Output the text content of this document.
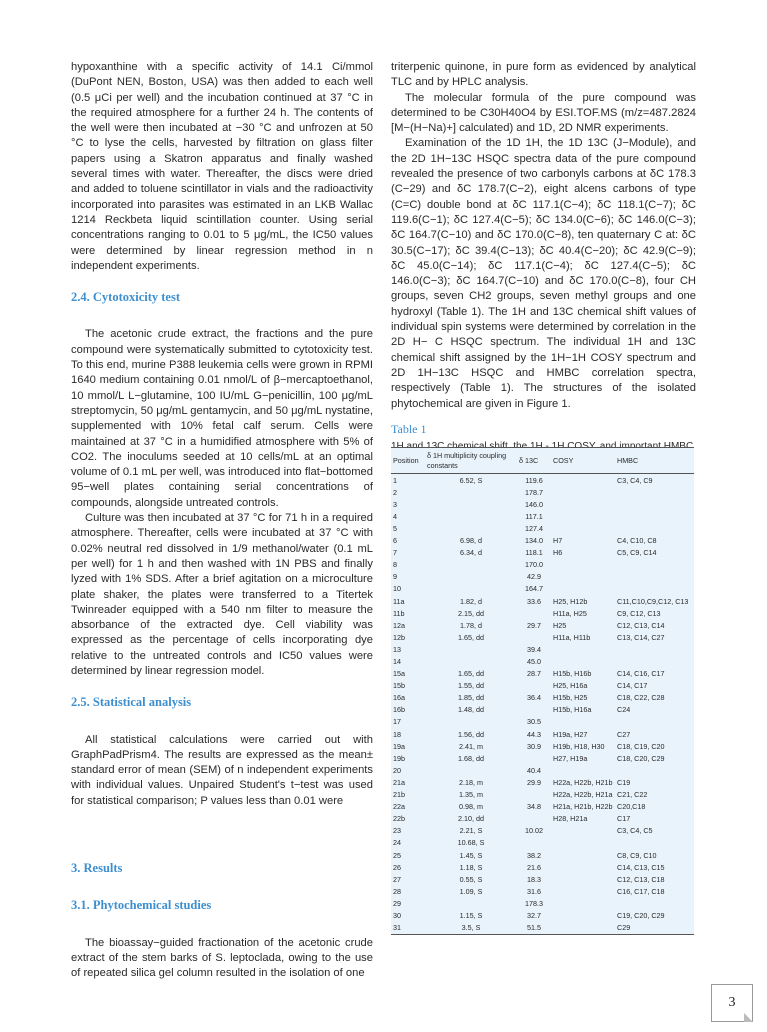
hypoxanthine with a specific activity of 14.1 Ci/mmol (DuPont NEN, Boston, USA) was then added to each well (0.5 μCi per well) and the incubation continued at 37 °C in the required atmosphere for a further 24 h. The contents of the well were then incubated at −30 °C and unfrozen at 50 °C to lyse the cells, harvested by filtration on glass filter papers using a Skatron apparatus and finally washed several times with water. Thereafter, the discs were dried and added to toluene scintillator in vials and the radioactivity incorporated into parasites was estimated in an LKB Wallac 1214 Reckbeta liquid scintillation counter. Using serial concentrations ranging to 0.01 to 5 μg/mL, the IC50 values were determined by linear regression method in n independent experiments.

2.4. Cytotoxicity test

The acetonic crude extract, the fractions and the pure compound were systematically submitted to cytotoxicity test. To this end, murine P388 leukemia cells were grown in RPMI 1640 medium containing 0.01 nmol/L of β−mercaptoethanol, 10 mmol/L L−glutamine, 100 IU/mL G−penicillin, 100 μg/mL streptomycin, 50 μg/mL gentamycin, and 50 μg/mL nystatine, supplemented with 10% fetal calf serum. Cells were maintained at 37 °C in a humidified atmosphere with 5% of CO2. The inoculums seeded at 10 cells/mL at an optimal volume of 0.1 mL per well, was introduced into flat−bottomed 95−well plates containing serial concentrations of compounds, alongside untreated controls.

Culture was then incubated at 37 °C for 71 h in a required atmosphere. Thereafter, cells were incubated at 37 °C with 0.02% neutral red dissolved in 1/9 methanol/water (0.1 mL per well) for 1 h and then washed with 1N PBS and finally lyzed with 1% SDS. After a brief agitation on a microculture plate shaker, the plates were transferred to a Titertek Twinreader equipped with a 540 nm filter to measure the absorbance of the extracted dye. Cell viability was expressed as the percentage of cells incorporating dye relative to the untreated controls and IC50 values were determined by linear regression model.

2.5. Statistical analysis

All statistical calculations were carried out with GraphPadPrism4. The results are expressed as the mean± standard error of mean (SEM) of n independent experiments with individual values. Unpaired Student's t−test was used for statistical comparison; P values less than 0.01 were

3. Results
3.1. Phytochemical studies

The bioassay−guided fractionation of the acetonic crude extract of the stem barks of S. leptoclada, owing to the use of repeated silica gel column resulted in the isolation of one

triterpenic quinone, in pure form as evidenced by analytical TLC and by HPLC analysis.

The molecular formula of the pure compound was determined to be C30H40O4 by ESI.TOF.MS (m/z=487.2824 [M−(H−Na)+] calculated) and 1D, 2D NMR experiments.

Examination of the 1D 1H, the 1D 13C (J−Module), and the 2D 1H−13C HSQC spectra data of the pure compound revealed the presence of two carbonyls carbons at δC 178.3 (C−29) and δC 178.7(C−2), eight alcens carbons of type (C=C) double bond at δC 117.1(C−4); δC 118.1(C−7); δC 119.6(C−1); δC 127.4(C−5); δC 134.0(C−6); δC 146.0(C−3); δC 164.7(C−10) and δC 170.0(C−8), ten quaternary C at: δC 30.5(C−17); δC 39.4(C−13); δC 40.4(C−20); δC 42.9(C−9); δC 45.0(C−14); δC 117.1(C−4); δC 127.4(C−5); δC 146.0(C−3); δC 164.7(C−10) and δC 170.0(C−8), four CH groups, seven CH2 groups, seven methyl groups and one hydroxyl (Table 1). The 1H and 13C chemical shift values of individual spin systems were determined by correlation in the 2D H− C HSQC spectrum. The individual 1H and 13C chemical shift assigned by the 1H−1H COSY spectrum and 2D 1H−13C HSQC and HMBC correlation spectra, respectively (Table 1). The structures of the isolated phytochemical are given in Figure 1.

Table 1
Position	δ 1H multiplicity coupling constants	δ 13C	COSY	HMBC
1	6.52, S	119.6		C3, C4, C9
2		178.7		
3		146.0		
4		117.1		
5		127.4		
6	6.98, d	134.0	H7	C4, C10, C8
7	6.34, d	118.1	H6	C5, C9, C14
8		170.0		
9		42.9		
10		164.7		
11a	1.82, d	33.6	H25, H12b	C11,C10,C9,C12, C13
11b	2.15, dd		H11a, H25	C9, C12, C13
12a	1.78, d	29.7	H25	C12, C13, C14
12b	1.65, dd		H11a, H11b	C13, C14, C27
13		39.4		
14		45.0		
15a	1.65, dd	28.7	H15b, H16b	C14, C16, C17
15b	1.55, dd		H25, H16a	C14, C17
16a	1.85, dd	36.4	H15b, H25	C18, C22, C28
16b	1.48, dd		H15b, H16a	C24
17		30.5		
18	1.56, dd	44.3	H19a, H27	C27
19a	2.41, m	30.9	H19b, H18, H30	C18, C19, C20
19b	1.68, dd		H27, H19a	C18, C20, C29
20		40.4		
21a	2.18, m	29.9	H22a, H22b, H21b	C19
21b	1.35, m		H22a, H22b, H21a	C21, C22
22a	0.98, m	34.8	H21a, H21b, H22b	C20,C18
22b	2.10, dd		H28, H21a	C17
23	2.21, S	10.02		C3, C4, C5
24	10.68, S			
25	1.45, S	38.2		C8, C9, C10
26	1.18, S	21.6		C14, C13, C15
27	0.55, S	18.3		C12, C13, C18
28	1.09, S	31.6		C16, C17, C18
29		178.3		
30	1.15, S	32.7		C19, C20, C29
31	3.5, S	51.5		C29
3
